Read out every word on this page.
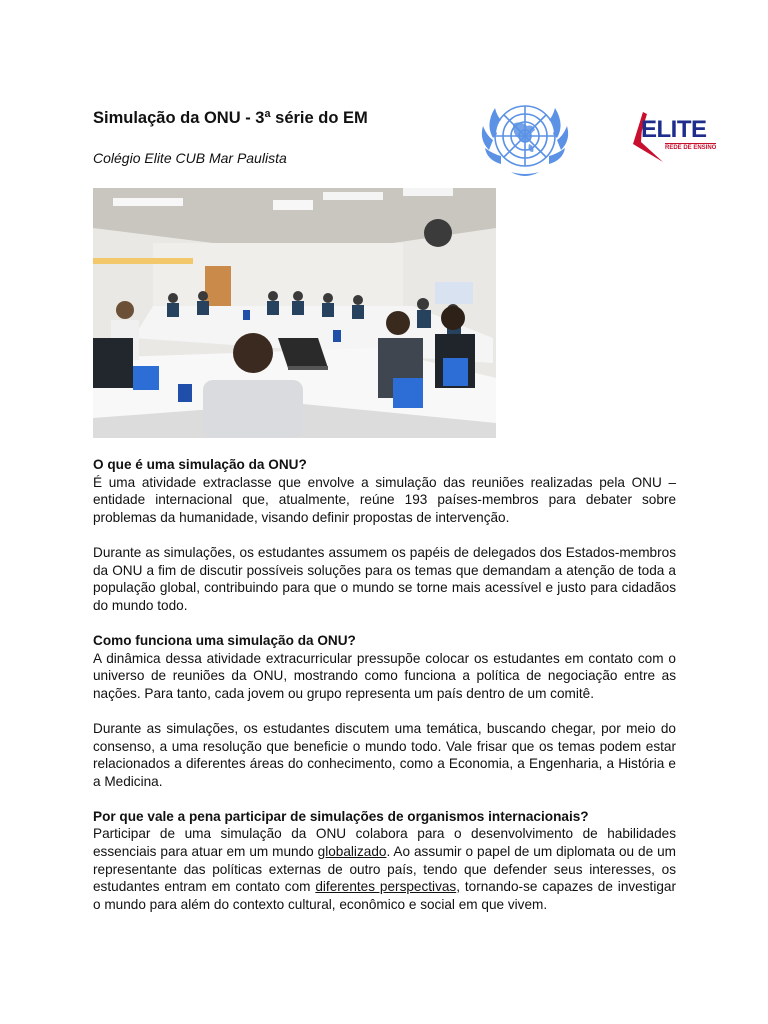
Simulação da ONU - 3ª série do EM
Colégio Elite CUB Mar Paulista
ELITE
REDE DE ENSINO
O que é uma simulação da ONU?

É uma atividade extraclasse que envolve a simulação das reuniões realizadas pela ONU – entidade internacional que, atualmente, reúne 193 países-membros para debater sobre problemas da humanidade, visando definir propostas de intervenção.

Durante as simulações, os estudantes assumem os papéis de delegados dos Estados-membros da ONU a fim de discutir possíveis soluções para os temas que demandam a atenção de toda a população global, contribuindo para que o mundo se torne mais acessível e justo para cidadãos do mundo todo.

Como funciona uma simulação da ONU?

A dinâmica dessa atividade extracurricular pressupõe colocar os estudantes em contato com o universo de reuniões da ONU, mostrando como funciona a política de negociação entre as nações. Para tanto, cada jovem ou grupo representa um país dentro de um comitê.

Durante as simulações, os estudantes discutem uma temática, buscando chegar, por meio do consenso, a uma resolução que beneficie o mundo todo. Vale frisar que os temas podem estar relacionados a diferentes áreas do conhecimento, como a Economia, a Engenharia, a História e a Medicina.

Por que vale a pena participar de simulações de organismos internacionais?

Participar de uma simulação da ONU colabora para o desenvolvimento de habilidades essenciais para atuar em um mundo globalizado. Ao assumir o papel de um diplomata ou de um representante das políticas externas de outro país, tendo que defender seus interesses, os estudantes entram em contato com diferentes perspectivas, tornando-se capazes de investigar o mundo para além do contexto cultural, econômico e social em que vivem.
